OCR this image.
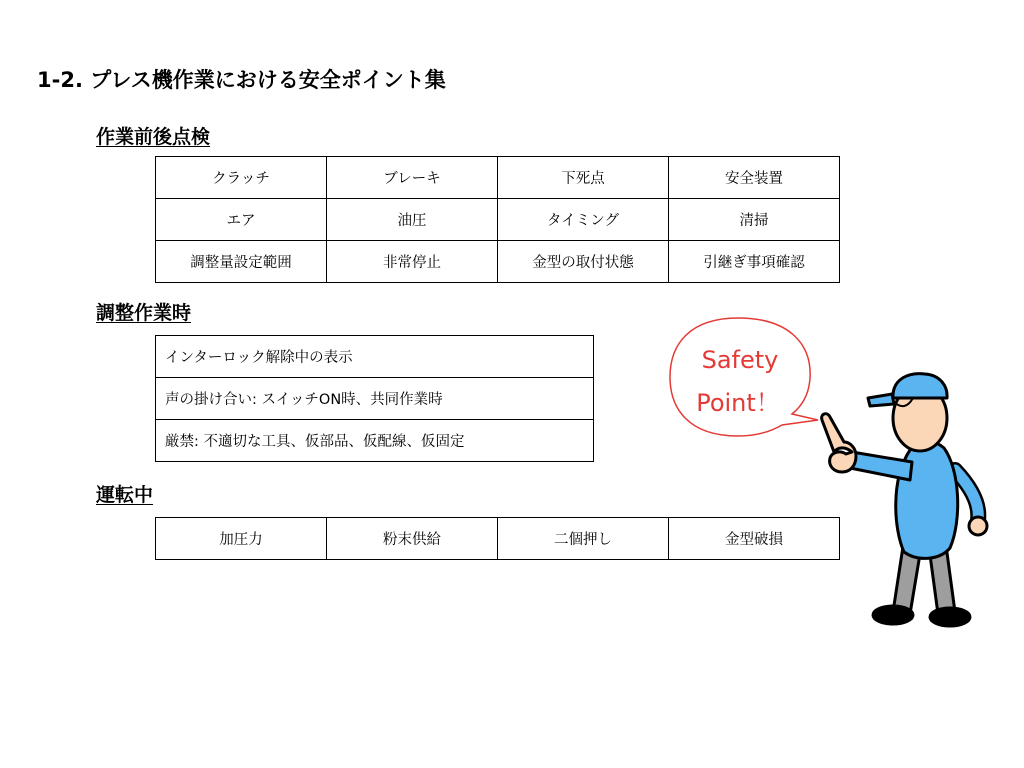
1-2. プレス機作業における安全ポイント集
作業前後点検
クラッチ	ブレーキ	下死点	安全装置
エア	油圧	タイミング	清掃
調整量設定範囲	非常停止	金型の取付状態	引継ぎ事項確認
調整作業時
インターロック解除中の表示
声の掛け合い: スイッチON時、共同作業時
厳禁: 不適切な工具、仮部品、仮配線、仮固定
運転中
加圧力	粉末供給	二個押し	金型破損
Safety
Point！
